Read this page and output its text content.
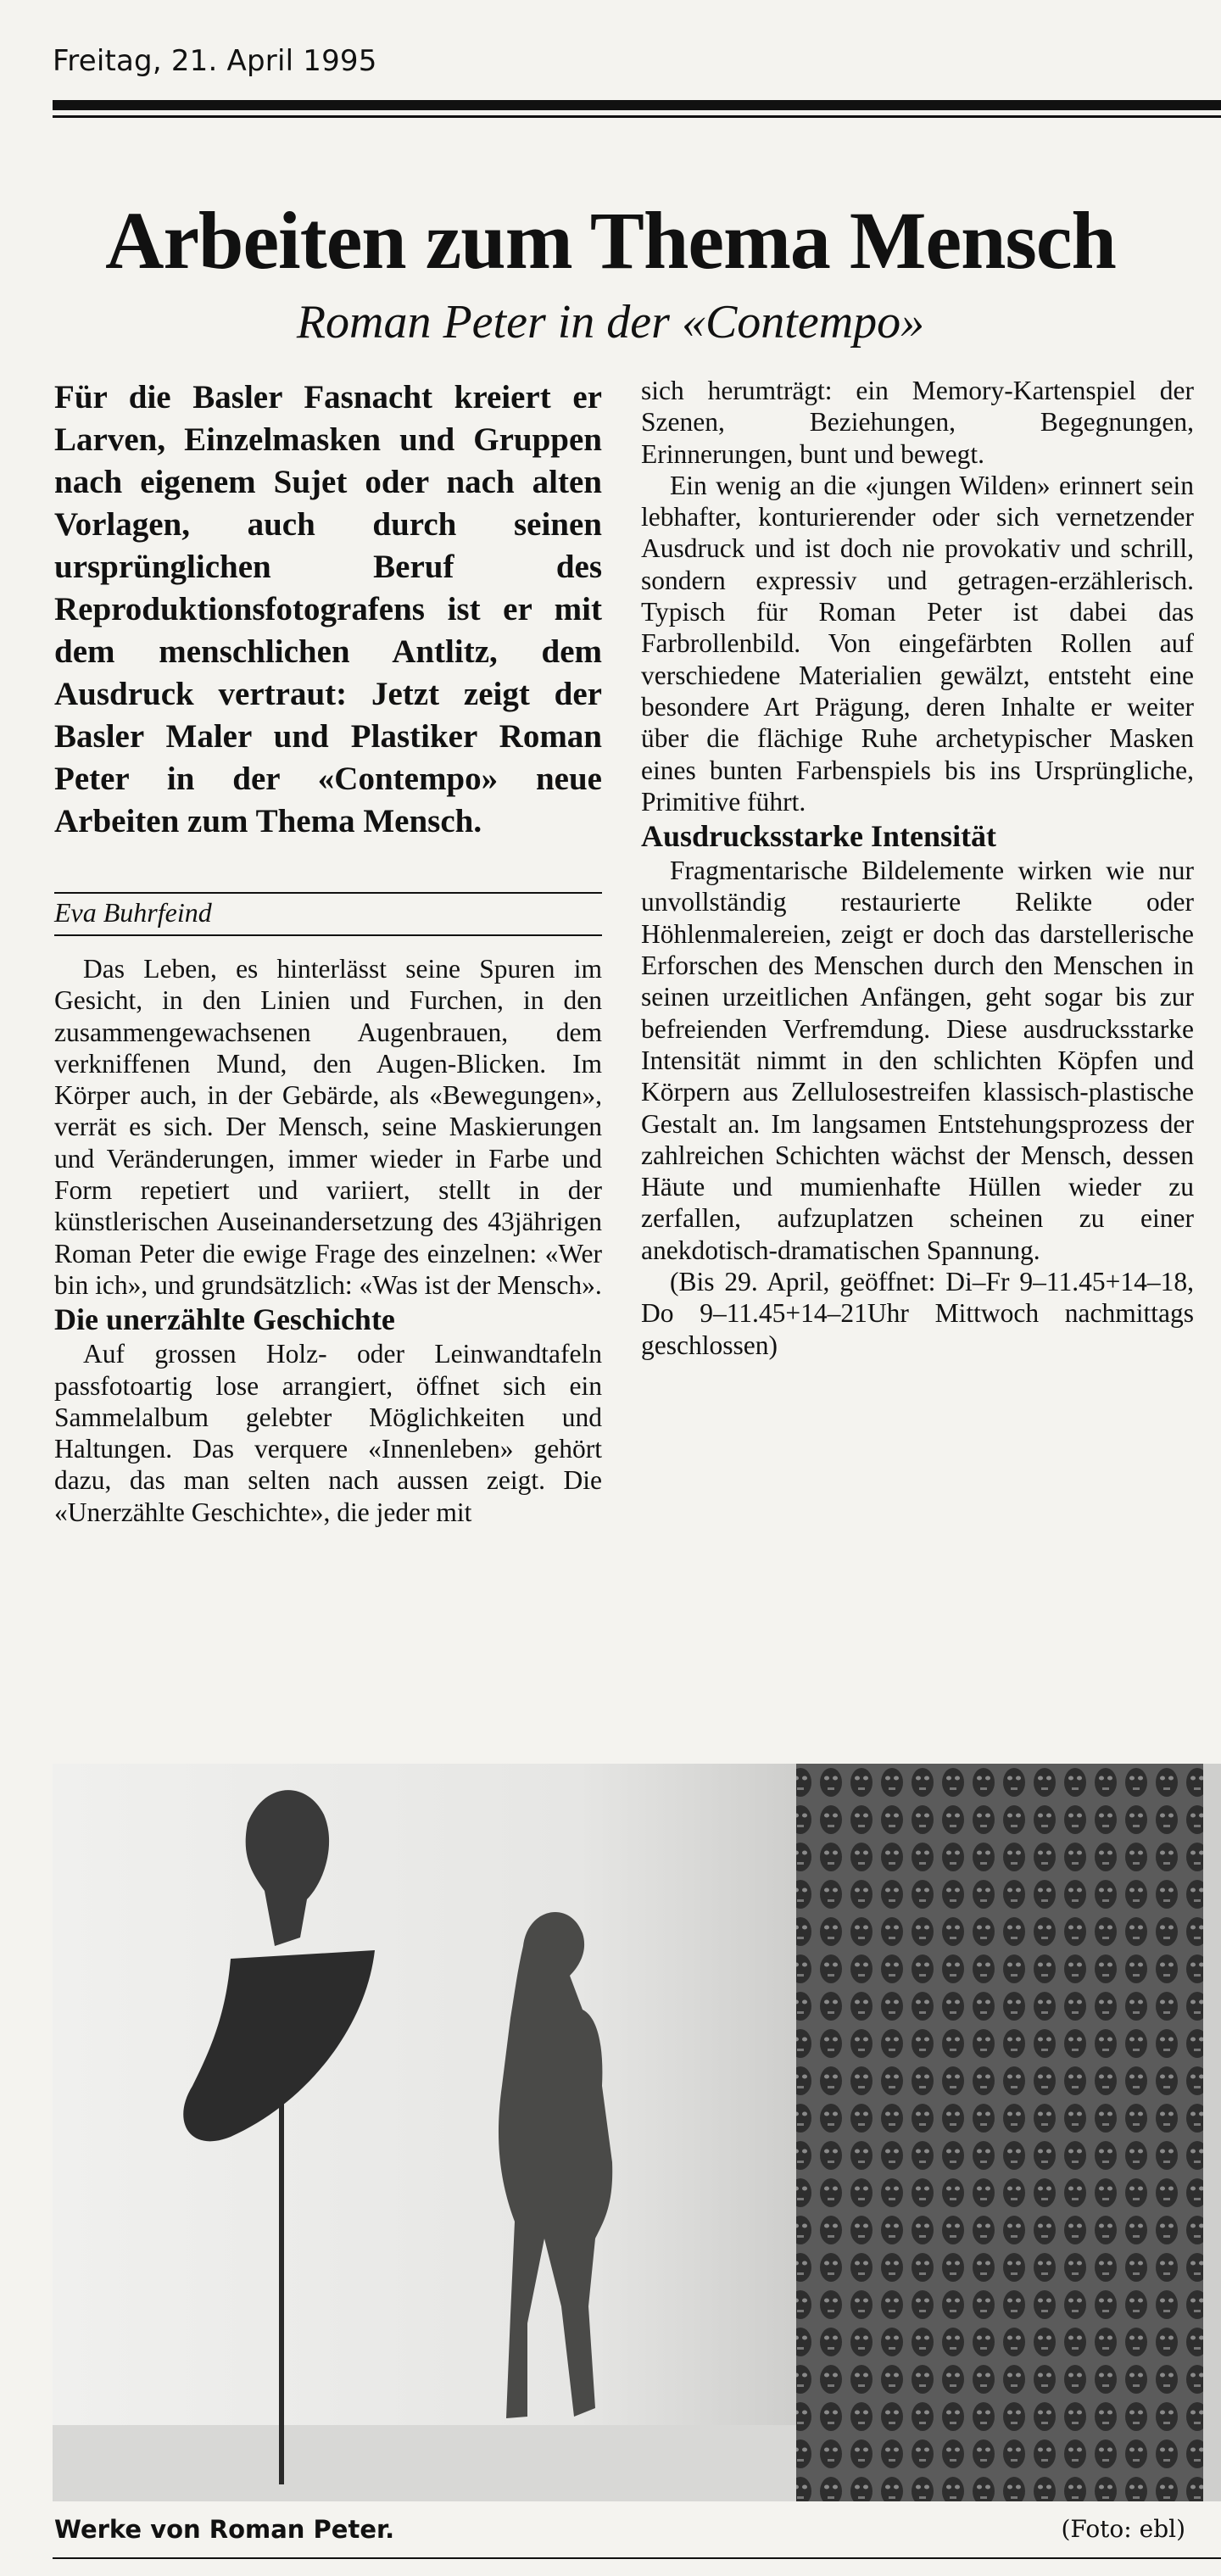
Freitag, 21. April 1995
Arbeiten zum Thema Mensch
Roman Peter in der «Contempo»
Für die Basler Fasnacht kreiert er Larven, Einzelmasken und Gruppen nach eigenem Sujet oder nach alten Vorlagen, auch durch seinen ursprünglichen Beruf des Reproduktionsfotografens ist er mit dem menschlichen Antlitz, dem Ausdruck vertraut: Jetzt zeigt der Basler Maler und Plastiker Roman Peter in der «Contempo» neue Arbeiten zum Thema Mensch.
Eva Buhrfeind

Das Leben, es hinterlässt seine Spuren im Gesicht, in den Linien und Furchen, in den zusammengewachsenen Augenbrauen, dem verkniffenen Mund, den Augen-Blicken. Im Körper auch, in der Gebärde, als «Bewegungen», verrät es sich. Der Mensch, seine Maskierungen und Veränderungen, immer wieder in Farbe und Form repetiert und variiert, stellt in der künstlerischen Auseinandersetzung des 43jährigen Roman Peter die ewige Frage des einzelnen: «Wer bin ich», und grundsätzlich: «Was ist der Mensch».

Die unerzählte Geschichte

Auf grossen Holz- oder Leinwandtafeln passfotoartig lose arrangiert, öffnet sich ein Sammelalbum gelebter Möglichkeiten und Haltungen. Das verquere «Innenleben» gehört dazu, das man selten nach aussen zeigt. Die «Unerzählte Geschichte», die jeder mit

sich herumträgt: ein Memory-Kartenspiel der Szenen, Beziehungen, Begegnungen, Erinnerungen, bunt und bewegt.

Ein wenig an die «jungen Wilden» erinnert sein lebhafter, konturierender oder sich vernetzender Ausdruck und ist doch nie provokativ und schrill, sondern expressiv und getragen-erzählerisch. Typisch für Roman Peter ist dabei das Farbrollenbild. Von eingefärbten Rollen auf verschiedene Materialien gewälzt, entsteht eine besondere Art Prägung, deren Inhalte er weiter über die flächige Ruhe archetypischer Masken eines bunten Farbenspiels bis ins Ursprüngliche, Primitive führt.

Ausdrucksstarke Intensität

Fragmentarische Bildelemente wirken wie nur unvollständig restaurierte Relikte oder Höhlenmalereien, zeigt er doch das darstellerische Erforschen des Menschen durch den Menschen in seinen urzeitlichen Anfängen, geht sogar bis zur befreienden Verfremdung. Diese ausdrucksstarke Intensität nimmt in den schlichten Köpfen und Körpern aus Zellulosestreifen klassisch-plastische Gestalt an. Im langsamen Entstehungsprozess der zahlreichen Schichten wächst der Mensch, dessen Häute und mumienhafte Hüllen wieder zu zerfallen, aufzuplatzen scheinen zu einer anekdotisch-dramatischen Spannung.

(Bis 29. April, geöffnet: Di–Fr 9–11.45+14–18, Do 9–11.45+14–21Uhr Mittwoch nachmittags geschlossen)

Werke von Roman Peter.	(Foto: ebl)
